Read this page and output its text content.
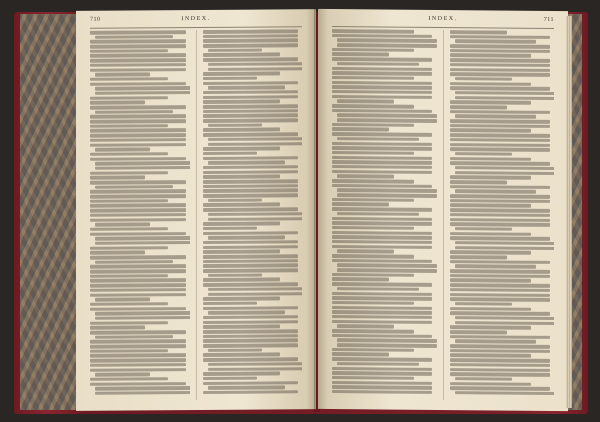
710	INDEX.	INDEX.	711
